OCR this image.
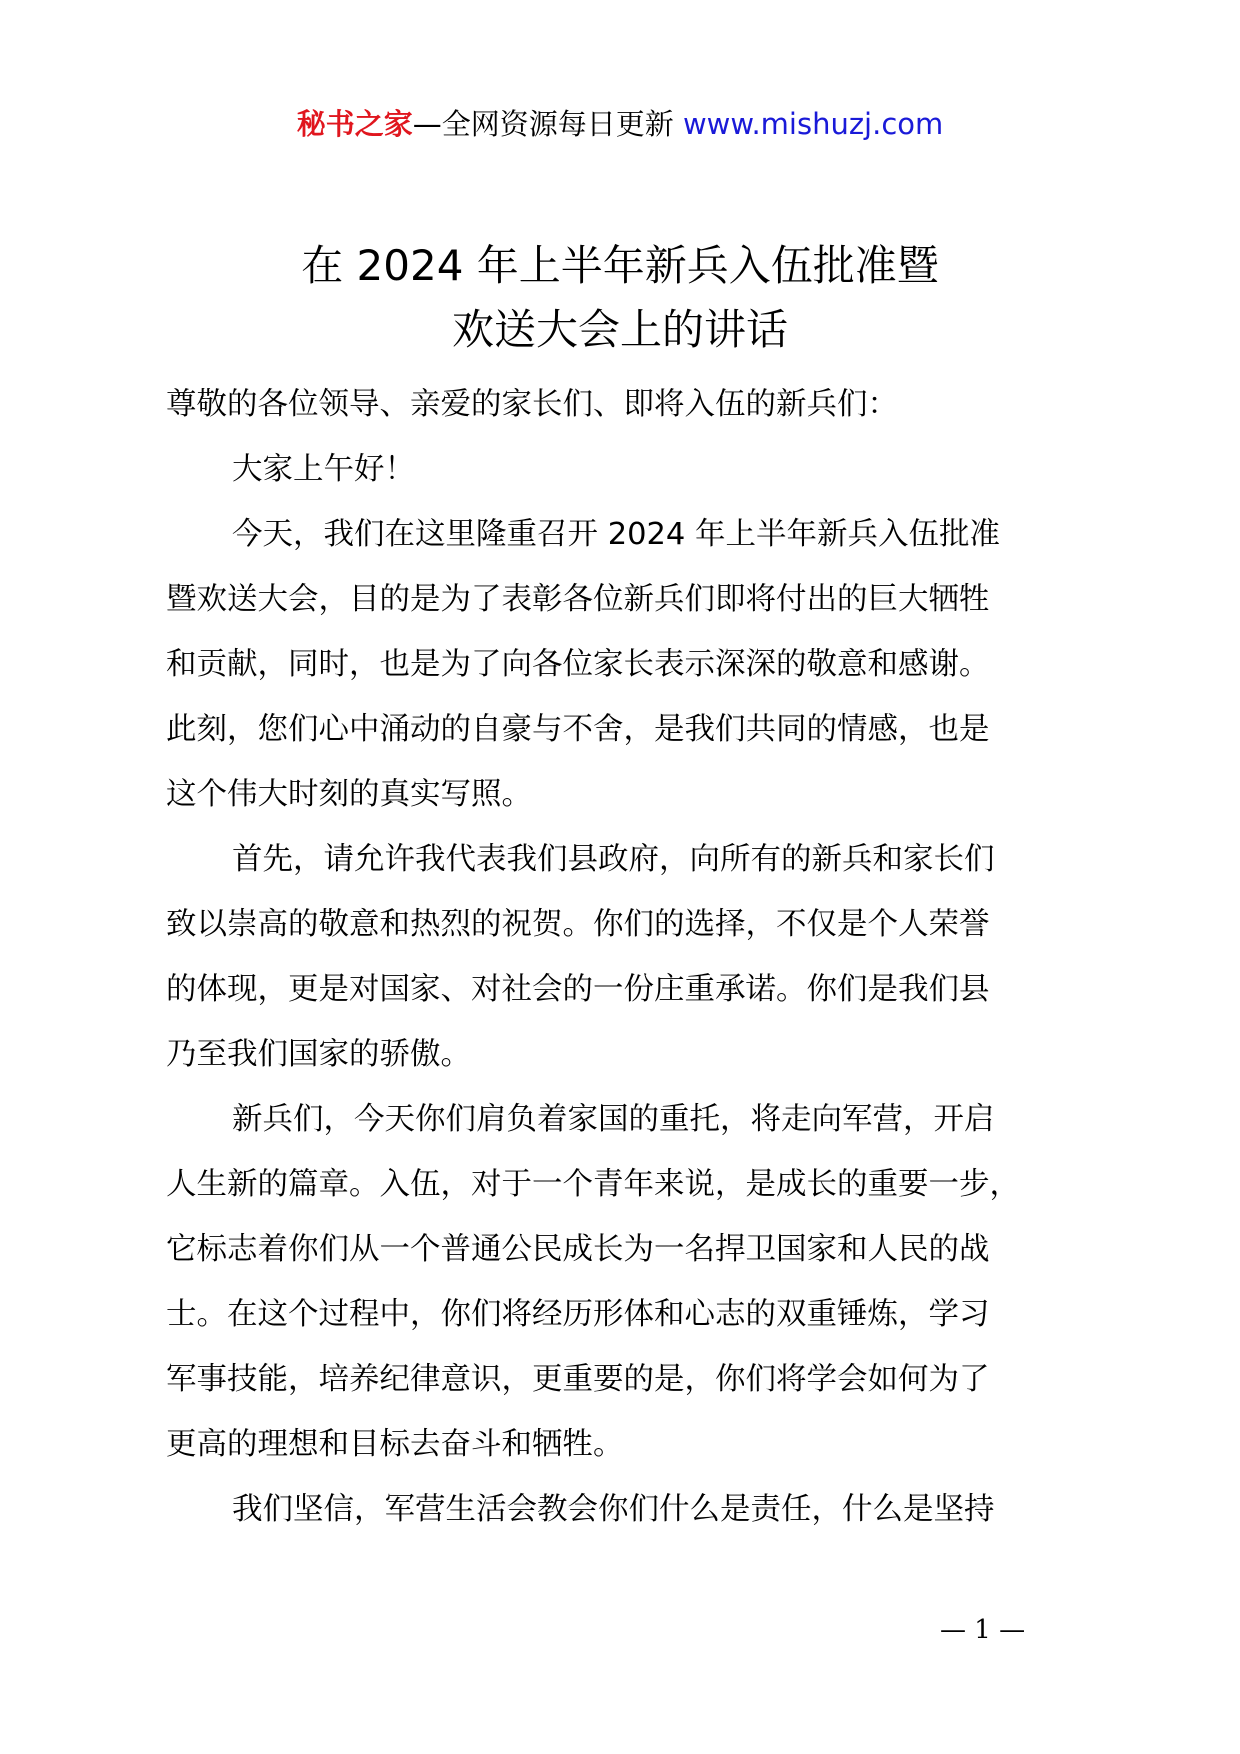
秘书之家—全网资源每日更新 www.mishuzj.com
在 2024 年上半年新兵入伍批准暨
欢送大会上的讲话
尊敬的各位领导、亲爱的家长们、即将入伍的新兵们：
大家上午好！
今天，我们在这里隆重召开 2024 年上半年新兵入伍批准
暨欢送大会，目的是为了表彰各位新兵们即将付出的巨大牺牲
和贡献，同时，也是为了向各位家长表示深深的敬意和感谢。
此刻，您们心中涌动的自豪与不舍，是我们共同的情感，也是
这个伟大时刻的真实写照。
首先，请允许我代表我们县政府，向所有的新兵和家长们
致以崇高的敬意和热烈的祝贺。你们的选择，不仅是个人荣誉
的体现，更是对国家、对社会的一份庄重承诺。你们是我们县
乃至我们国家的骄傲。
新兵们，今天你们肩负着家国的重托，将走向军营，开启
人生新的篇章。入伍，对于一个青年来说，是成长的重要一步，
它标志着你们从一个普通公民成长为一名捍卫国家和人民的战
士。在这个过程中，你们将经历形体和心志的双重锤炼，学习
军事技能，培养纪律意识，更重要的是，你们将学会如何为了
更高的理想和目标去奋斗和牺牲。
我们坚信，军营生活会教会你们什么是责任，什么是坚持
— 1 —
